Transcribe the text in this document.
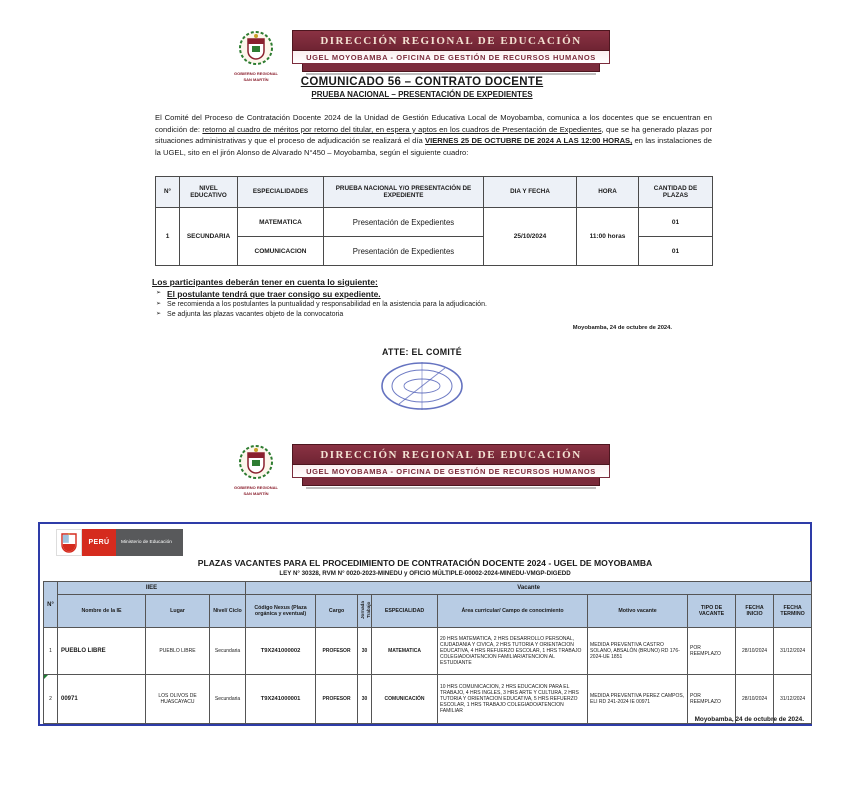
GOBIERNO REGIONAL
SAN MARTÍN
DIRECCIÓN REGIONAL DE EDUCACIÓN
UGEL MOYOBAMBA - OFICINA DE GESTIÓN DE RECURSOS HUMANOS
COMUNICADO 56 – CONTRATO DOCENTE
PRUEBA NACIONAL – PRESENTACIÓN DE EXPEDIENTES
El Comité del Proceso de Contratación Docente 2024 de la Unidad de Gestión Educativa Local de Moyobamba, comunica a los docentes que se encuentran en condición de: retorno al cuadro de méritos por retorno del titular, en espera y aptos en los cuadros de Presentación de Expedientes, que se ha generado plazas por situaciones administrativas y que el proceso de adjudicación se realizará el día VIERNES 25 DE OCTUBRE DE 2024 A LAS 12:00 HORAS, en las instalaciones de la UGEL, sito en el jirón Alonso de Alvarado N°450 – Moyobamba, según el siguiente cuadro:
N°	NIVEL EDUCATIVO	ESPECIALIDADES	PRUEBA NACIONAL Y/O PRESENTACIÓN DE EXPEDIENTE	DIA Y FECHA	HORA	CANTIDAD DE PLAZAS
1	SECUNDARIA	MATEMATICA	Presentación de Expedientes	25/10/2024	11:00 horas	01
		COMUNICACION	Presentación de Expedientes			01
Los participantes deberán tener en cuenta lo siguiente:
➢ El postulante tendrá que traer consigo su expediente.
➢ Se recomienda a los postulantes la puntualidad y responsabilidad en la asistencia para la adjudicación.
➢ Se adjunta las plazas vacantes objeto de la convocatoria
Moyobamba, 24 de octubre de 2024.
ATTE: EL COMITÉ
GOBIERNO REGIONAL
SAN MARTÍN
DIRECCIÓN REGIONAL DE EDUCACIÓN
UGEL MOYOBAMBA - OFICINA DE GESTIÓN DE RECURSOS HUMANOS
PERÚ	Ministerio de Educación
PLAZAS VACANTES PARA EL PROCEDIMIENTO DE CONTRATACIÓN DOCENTE 2024 - UGEL DE MOYOBAMBA
LEY N° 30328, RVM N° 0020-2023-MINEDU y OFICIO MÚLTIPLE-00002-2024-MINEDU-VMGP-DIGEDD
N°	IIEE			Vacante								
	Nombre de la IE	Lugar	Nivel/ Ciclo	Código Nexus (Plaza orgánica y eventual)	Cargo	Jornada Trabajo	ESPECIALIDAD	Área curricular/ Campo de conocimiento	Motivo vacante	TIPO DE VACANTE	FECHA INICIO	FECHA TERMINO
1	PUEBLO LIBRE	PUEBLO LIBRE	Secundaria	T9X241000002	PROFESOR	30	MATEMATICA	20 HRS MATEMATICA, 2 HRS DESARROLLO PERSONAL, CIUDADANIA Y CIVICA, 2 HRS TUTORIA Y ORIENTACION EDUCATIVA, 4 HRS REFUERZO ESCOLAR, 1 HRS TRABAJO COLEGIADO/ATENCION FAMILIAR/ATENCION AL ESTUDIANTE	MEDIDA PREVENTIVA CASTRO SOLANO, ABSALÓN (BRUNO) RD 176-2024-UE 1851	POR REEMPLAZO	28/10/2024	31/12/2024

2	00971	LOS OLIVOS DE HUASCAYACU	Secundaria	T9X241000001	PROFESOR	30	COMUNICACIÓN	10 HRS COMUNICACION, 2 HRS EDUCACION PARA EL TRABAJO, 4 HRS INGLES, 3 HRS ARTE Y CULTURA, 2 HRS TUTORIA Y ORIENTACION EDUCATIVA, 5 HRS REFUERZO ESCOLAR, 1 HRS TRABAJO COLEGIADO/ATENCION FAMILIAR	MEDIDA PREVENTIVA PEREZ CAMPOS, ELI RD 241-2024 IE 00971	POR REEMPLAZO	28/10/2024	31/12/2024
Moyobamba, 24 de octubre de 2024.
